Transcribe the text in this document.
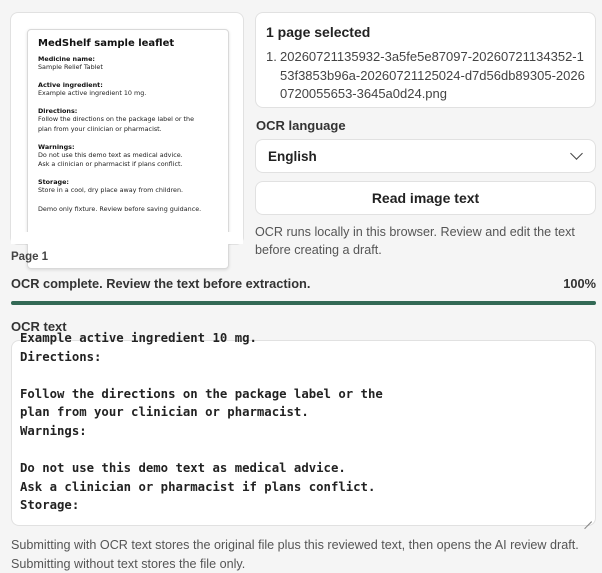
MedShelf sample leaflet
Medicine name:
Sample Relief Tablet
Active ingredient:
Example active ingredient 10 mg.
Directions:
Follow the directions on the package label or the
plan from your clinician or pharmacist.
Warnings:
Do not use this demo text as medical advice.
Ask a clinician or pharmacist if plans conflict.
Storage:
Store in a cool, dry place away from children.
Demo only fixture. Review before saving guidance.
1 page selected
1. 20260721135932-3a5fe5e87097-20260721134352-153f3853b96a-20260721125024-d7d56db89305-20260720055653-3645a0d24.png
OCR language
English
Read image text
OCR runs locally in this browser. Review and edit the text before creating a draft.
Page 1
OCR complete. Review the text before extraction.	100%
OCR text
Example active ingredient 10 mg.
Directions:

Follow the directions on the package label or the
plan from your clinician or pharmacist.
Warnings:

Do not use this demo text as medical advice.
Ask a clinician or pharmacist if plans conflict.
Storage:
Submitting with OCR text stores the original file plus this reviewed text, then opens the AI review draft. Submitting without text stores the file only.
